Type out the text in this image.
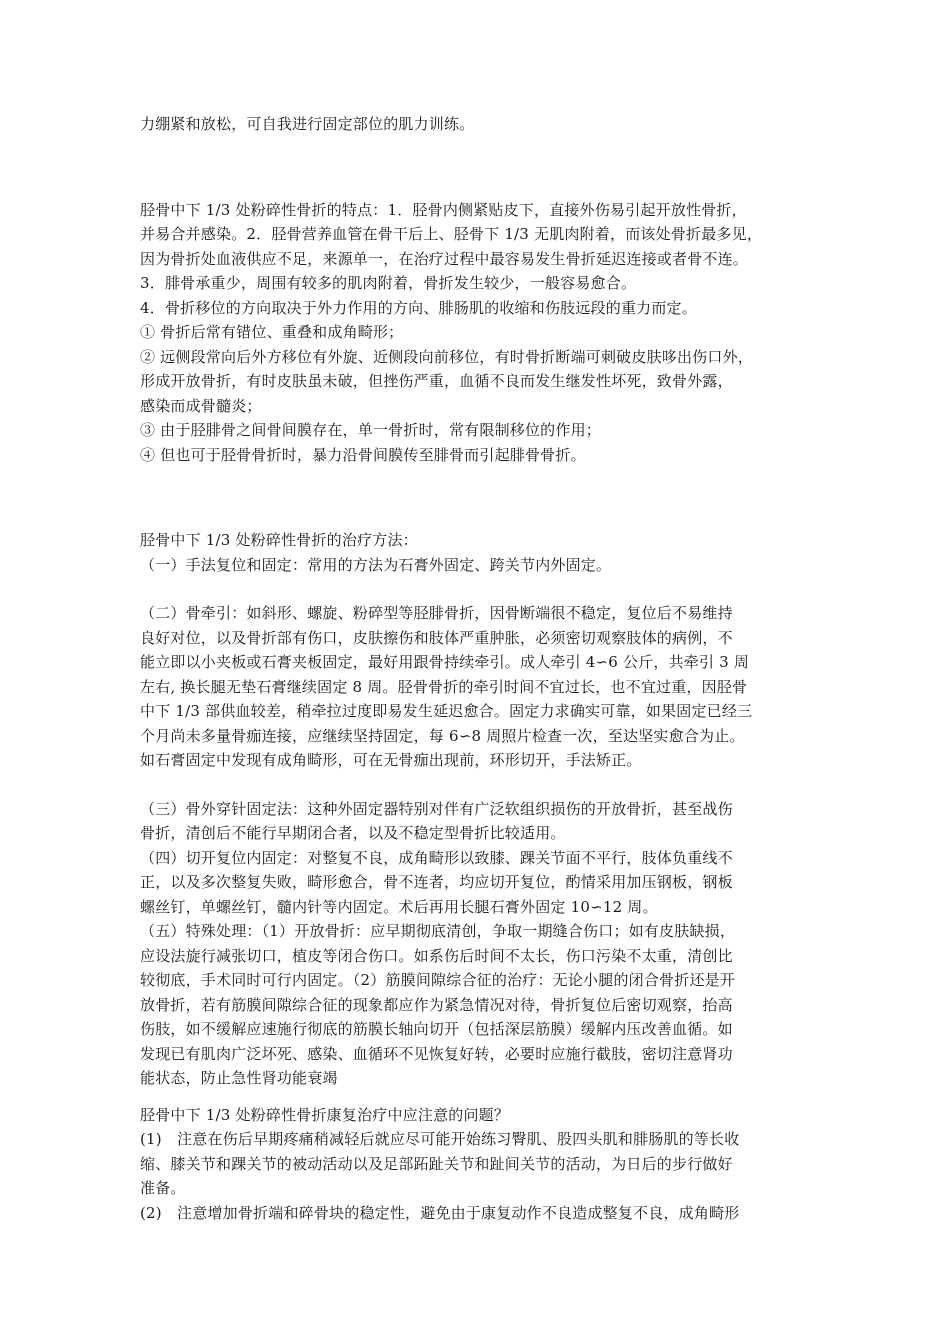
力绷紧和放松，可自我进行固定部位的肌力训练。
胫骨中下 1/3 处粉碎性骨折的特点：1．胫骨内侧紧贴皮下，直接外伤易引起开放性骨折，
并易合并感染。2．胫骨营养血管在骨干后上、胫骨下 1/3 无肌肉附着，而该处骨折最多见，
因为骨折处血液供应不足，来源单一，在治疗过程中最容易发生骨折延迟连接或者骨不连。
3．腓骨承重少，周围有较多的肌肉附着，骨折发生较少，一般容易愈合。
4．骨折移位的方向取决于外力作用的方向、腓肠肌的收缩和伤肢远段的重力而定。
① 骨折后常有错位、重叠和成角畸形；
② 远侧段常向后外方移位有外旋、近侧段向前移位，有时骨折断端可刺破皮肤哆出伤口外，
形成开放骨折，有时皮肤虽未破，但挫伤严重，血循不良而发生继发性坏死，致骨外露，
感染而成骨髓炎；
③ 由于胫腓骨之间骨间膜存在，单一骨折时，常有限制移位的作用；
④ 但也可于胫骨骨折时，暴力沿骨间膜传至腓骨而引起腓骨骨折。
胫骨中下 1/3 处粉碎性骨折的治疗方法：
（一）手法复位和固定：常用的方法为石膏外固定、跨关节内外固定。
（二）骨牵引：如斜形、螺旋、粉碎型等胫腓骨折，因骨断端很不稳定，复位后不易维持
良好对位，以及骨折部有伤口，皮肤擦伤和肢体严重肿胀，必须密切观察肢体的病例，不
能立即以小夹板或石膏夹板固定，最好用跟骨持续牵引。成人牵引 4∽6 公斤，共牵引 3 周
左右, 换长腿无垫石膏继续固定 8 周。胫骨骨折的牵引时间不宜过长，也不宜过重，因胫骨
中下 1/3 部供血较差，稍牵拉过度即易发生延迟愈合。固定力求确实可靠，如果固定已经三
个月尚未多量骨痂连接，应继续坚持固定，每 6∽8 周照片检查一次，至达坚实愈合为止。
如石膏固定中发现有成角畸形，可在无骨痂出现前，环形切开，手法矫正。
（三）骨外穿针固定法：这种外固定器特别对伴有广泛软组织损伤的开放骨折，甚至战伤
骨折，清创后不能行早期闭合者，以及不稳定型骨折比较适用。
（四）切开复位内固定：对整复不良，成角畸形以致膝、踝关节面不平行，肢体负重线不
正，以及多次整复失败，畸形愈合，骨不连者，均应切开复位，酌情采用加压钢板，钢板
螺丝钉，单螺丝钉，髓内针等内固定。术后再用长腿石膏外固定 10∽12 周。
（五）特殊处理：（1）开放骨折：应早期彻底清创，争取一期缝合伤口；如有皮肤缺损，
应设法旋行减张切口，植皮等闭合伤口。如系伤后时间不太长，伤口污染不太重，清创比
较彻底，手术同时可行内固定。（2）筋膜间隙综合征的治疗：无论小腿的闭合骨折还是开
放骨折，若有筋膜间隙综合征的现象都应作为紧急情况对待，骨折复位后密切观察，抬高
伤肢，如不缓解应速施行彻底的筋膜长轴向切开（包括深层筋膜）缓解内压改善血循。如
发现已有肌肉广泛坏死、感染、血循环不见恢复好转，必要时应施行截肢，密切注意肾功
能状态，防止急性肾功能衰竭
胫骨中下 1/3 处粉碎性骨折康复治疗中应注意的问题？
(1)　注意在伤后早期疼痛稍减轻后就应尽可能开始练习臀肌、股四头肌和腓肠肌的等长收
缩、膝关节和踝关节的被动活动以及足部跖趾关节和趾间关节的活动，为日后的步行做好
准备。
(2)　注意增加骨折端和碎骨块的稳定性，避免由于康复动作不良造成整复不良，成角畸形
